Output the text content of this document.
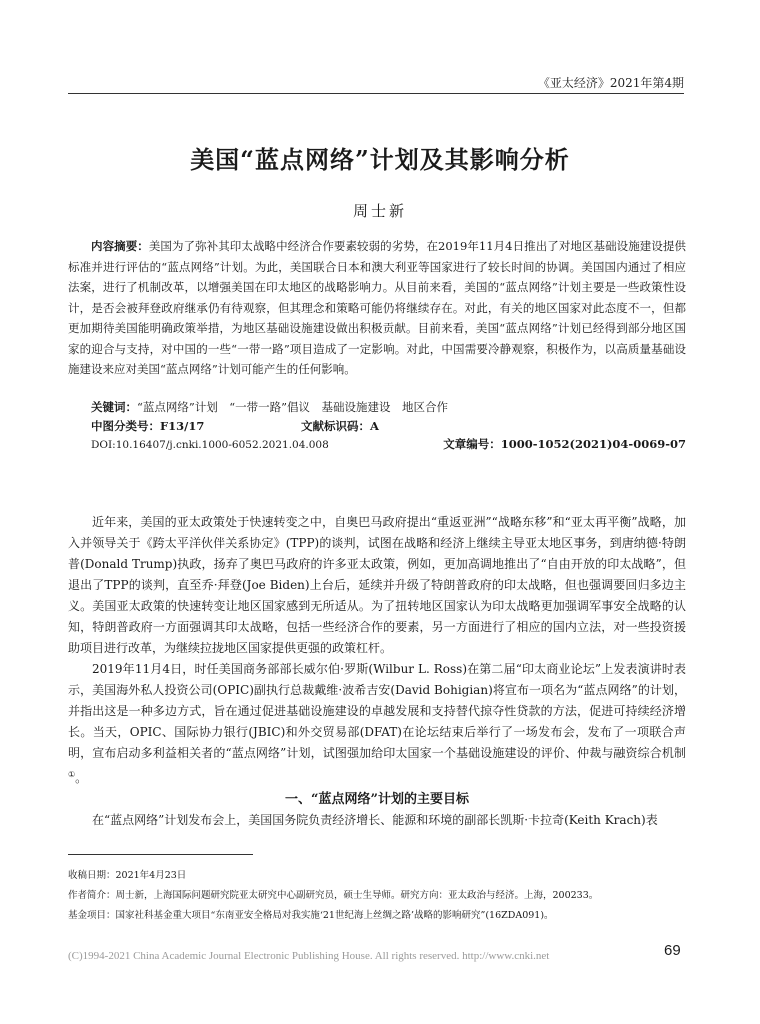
《亚太经济》2021年第4期
美国“蓝点网络”计划及其影响分析
周士新
内容摘要：美国为了弥补其印太战略中经济合作要素较弱的劣势，在2019年11月4日推出了对地区基础设施建设提供标准并进行评估的“蓝点网络”计划。为此，美国联合日本和澳大利亚等国家进行了较长时间的协调。美国国内通过了相应法案，进行了机制改革，以增强美国在印太地区的战略影响力。从目前来看，美国的“蓝点网络”计划主要是一些政策性设计，是否会被拜登政府继承仍有待观察，但其理念和策略可能仍将继续存在。对此，有关的地区国家对此态度不一，但都更加期待美国能明确政策举措，为地区基础设施建设做出积极贡献。目前来看，美国“蓝点网络”计划已经得到部分地区国家的迎合与支持，对中国的一些“一带一路”项目造成了一定影响。对此，中国需要冷静观察，积极作为，以高质量基础设施建设来应对美国“蓝点网络”计划可能产生的任何影响。
关键词：“蓝点网络”计划　“一带一路”倡议　基础设施建设　地区合作
中图分类号：F13/17	文献标识码：A
文章编号：1000-1052(2021)04-0069-07
DOI:10.16407/j.cnki.1000-6052.2021.04.008

近年来，美国的亚太政策处于快速转变之中，自奥巴马政府提出“重返亚洲”“战略东移”和“亚太再平衡”战略，加入并领导关于《跨太平洋伙伴关系协定》(TPP)的谈判，试图在战略和经济上继续主导亚太地区事务，到唐纳德·特朗普(Donald Trump)执政，扬弃了奥巴马政府的许多亚太政策，例如，更加高调地推出了“自由开放的印太战略”，但退出了TPP的谈判，直至乔·拜登(Joe Biden)上台后，延续并升级了特朗普政府的印太战略，但也强调要回归多边主义。美国亚太政策的快速转变让地区国家感到无所适从。为了扭转地区国家认为印太战略更加强调军事安全战略的认知，特朗普政府一方面强调其印太战略，包括一些经济合作的要素，另一方面进行了相应的国内立法，对一些投资援助项目进行改革，为继续拉拢地区国家提供更强的政策杠杆。

2019年11月4日，时任美国商务部部长威尔伯·罗斯(Wilbur L. Ross)在第二届“印太商业论坛”上发表演讲时表示，美国海外私人投资公司(OPIC)副执行总裁戴维·波希吉安(David Bohigian)将宣布一项名为“蓝点网络”的计划，并指出这是一种多边方式，旨在通过促进基础设施建设的卓越发展和支持替代掠夺性贷款的方法，促进可持续经济增长。当天，OPIC、国际协力银行(JBIC)和外交贸易部(DFAT)在论坛结束后举行了一场发布会，发布了一项联合声明，宣布启动多利益相关者的“蓝点网络”计划，试图强加给印太国家一个基础设施建设的评价、仲裁与融资综合机制①。

一、“蓝点网络”计划的主要目标

在“蓝点网络”计划发布会上，美国国务院负责经济增长、能源和环境的副部长凯斯·卡拉奇(Keith Krach)表

收稿日期：2021年4月23日
作者简介：周士新，上海国际问题研究院亚太研究中心副研究员，硕士生导师。研究方向：亚太政治与经济。上海，200233。
基金项目：国家社科基金重大项目“东南亚安全格局对我实施‘21世纪海上丝绸之路’战略的影响研究”(16ZDA091)。
(C)1994-2021 China Academic Journal Electronic Publishing House. All rights reserved. http://www.cnki.net	69
